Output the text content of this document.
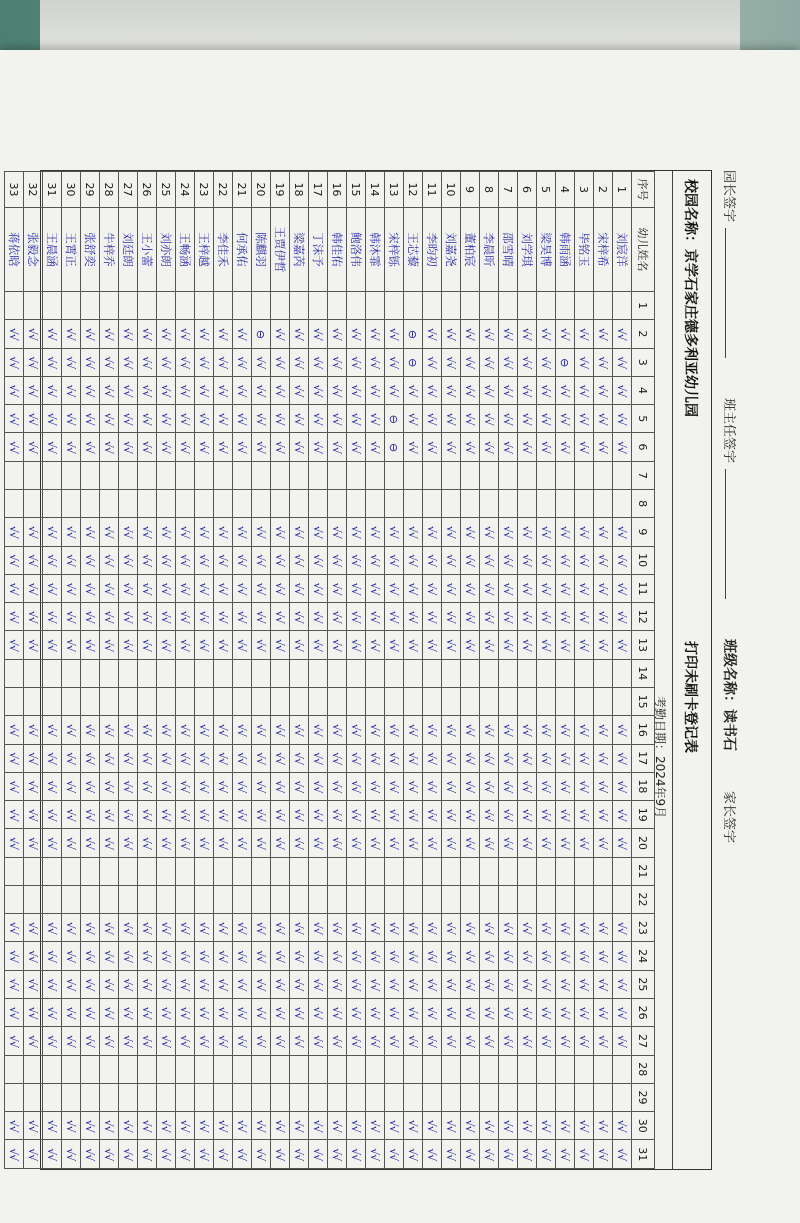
园长签字
班主任签字
班级名称：读书石
家长签字
校园名称：京学石家庄德多利亚幼儿园
打印未刷卡登记表
考勤日期：2024年9月
序号	幼儿姓名	1	2	3	4	5	6	7	8	9	10	11	12	13	14	15	16	17	18	19	20	21	22	23	24	25	26	27	28	29	30	31
1	刘宸洋		√√	√√	√√	√√	√√			√√	√√	√√	√√	√√			√√	√√	√√	√√	√√			√√	√√	√√	√√	√√			√√	√√
2	宋梓希		√√	√√	√√	√√	√√			√√	√√	√√	√√	√√			√√	√√	√√	√√	√√			√√	√√	√√	√√	√√			√√	√√
3	毕铭玉		√√	√√	√√	√√	√√			√√	√√	√√	√√	√√			√√	√√	√√	√√	√√			√√	√√	√√	√√	√√			√√	√√
4	韩雨涵		√√	⊖	√√	√√	√√			√√	√√	√√	√√	√√			√√	√√	√√	√√	√√			√√	√√	√√	√√	√√			√√	√√
5	梁昊博		√√	√√	√√	√√	√√			√√	√√	√√	√√	√√			√√	√√	√√	√√	√√			√√	√√	√√	√√	√√			√√	√√
6	刘学琪		√√	√√	√√	√√	√√			√√	√√	√√	√√	√√			√√	√√	√√	√√	√√			√√	√√	√√	√√	√√			√√	√√
7	邵雪晴		√√	√√	√√	√√	√√			√√	√√	√√	√√	√√			√√	√√	√√	√√	√√			√√	√√	√√	√√	√√			√√	√√
8	李晨昕		√√	√√	√√	√√	√√			√√	√√	√√	√√	√√			√√	√√	√√	√√	√√			√√	√√	√√	√√	√√			√√	√√
9	董柏宸		√√	√√	√√	√√	√√			√√	√√	√√	√√	√√			√√	√√	√√	√√	√√			√√	√√	√√	√√	√√			√√	√√
10	刘嘉尧		√√	√√	√√	√√	√√			√√	√√	√√	√√	√√			√√	√√	√√	√√	√√			√√	√√	√√	√√	√√			√√	√√
11	李昀初		√√	√√	√√	√√	√√			√√	√√	√√	√√	√√			√√	√√	√√	√√	√√			√√	√√	√√	√√	√√			√√	√√
12	王芯藜		⊖	⊖	√√	√√	√√			√√	√√	√√	√√	√√			√√	√√	√√	√√	√√			√√	√√	√√	√√	√√			√√	√√
13	宋梓铄		√√	√√	√√	⊖	⊖			√√	√√	√√	√√	√√			√√	√√	√√	√√	√√			√√	√√	√√	√√	√√			√√	√√
14	韩沐霏		√√	√√	√√	√√	√√			√√	√√	√√	√√	√√			√√	√√	√√	√√	√√			√√	√√	√√	√√	√√			√√	√√
15	鲍洛伟		√√	√√	√√	√√	√√			√√	√√	√√	√√	√√			√√	√√	√√	√√	√√			√√	√√	√√	√√	√√			√√	√√
16	韩佳佑		√√	√√	√√	√√	√√			√√	√√	√√	√√	√√			√√	√√	√√	√√	√√			√√	√√	√√	√√	√√			√√	√√
17	丁沫予		√√	√√	√√	√√	√√			√√	√√	√√	√√	√√			√√	√√	√√	√√	√√			√√	√√	√√	√√	√√			√√	√√
18	梁嘉芮		√√	√√	√√	√√	√√			√√	√√	√√	√√	√√			√√	√√	√√	√√	√√			√√	√√	√√	√√	√√			√√	√√
19	王贾伊哲		√√	√√	√√	√√	√√			√√	√√	√√	√√	√√			√√	√√	√√	√√	√√			√√	√√	√√	√√	√√			√√	√√
20	陈麒羽		⊖	√√	√√	√√	√√			√√	√√	√√	√√	√√			√√	√√	√√	√√	√√			√√	√√	√√	√√	√√			√√	√√
21	何承佑		√√	√√	√√	√√	√√			√√	√√	√√	√√	√√			√√	√√	√√	√√	√√			√√	√√	√√	√√	√√			√√	√√
22	李佳禾		√√	√√	√√	√√	√√			√√	√√	√√	√√	√√			√√	√√	√√	√√	√√			√√	√√	√√	√√	√√			√√	√√
23	王梓越		√√	√√	√√	√√	√√			√√	√√	√√	√√	√√			√√	√√	√√	√√	√√			√√	√√	√√	√√	√√			√√	√√
24	王畅涵		√√	√√	√√	√√	√√			√√	√√	√√	√√	√√			√√	√√	√√	√√	√√			√√	√√	√√	√√	√√			√√	√√
25	刘亦朗		√√	√√	√√	√√	√√			√√	√√	√√	√√	√√			√√	√√	√√	√√	√√			√√	√√	√√	√√	√√			√√	√√
26	王小蕾		√√	√√	√√	√√	√√			√√	√√	√√	√√	√√			√√	√√	√√	√√	√√			√√	√√	√√	√√	√√			√√	√√
27	刘廷朗		√√	√√	√√	√√	√√			√√	√√	√√	√√	√√			√√	√√	√√	√√	√√			√√	√√	√√	√√	√√			√√	√√
28	牛梓乔		√√	√√	√√	√√	√√			√√	√√	√√	√√	√√			√√	√√	√√	√√	√√			√√	√√	√√	√√	√√			√√	√√
29	张舒奕		√√	√√	√√	√√	√√			√√	√√	√√	√√	√√			√√	√√	√√	√√	√√			√√	√√	√√	√√	√√			√√	√√
30	王霄正		√√	√√	√√	√√	√√			√√	√√	√√	√√	√√			√√	√√	√√	√√	√√			√√	√√	√√	√√	√√			√√	√√
31	王晨涵		√√	√√	√√	√√	√√			√√	√√	√√	√√	√√			√√	√√	√√	√√	√√			√√	√√	√√	√√	√√			√√	√√
32	张毅念		√√	√√	√√	√√	√√			√√	√√	√√	√√	√√			√√	√√	√√	√√	√√			√√	√√	√√	√√	√√			√√	√√
33	蒋依晗		√√	√√	√√	√√	√√			√√	√√	√√	√√	√√			√√	√√	√√	√√	√√			√√	√√	√√	√√	√√			√√	√√
